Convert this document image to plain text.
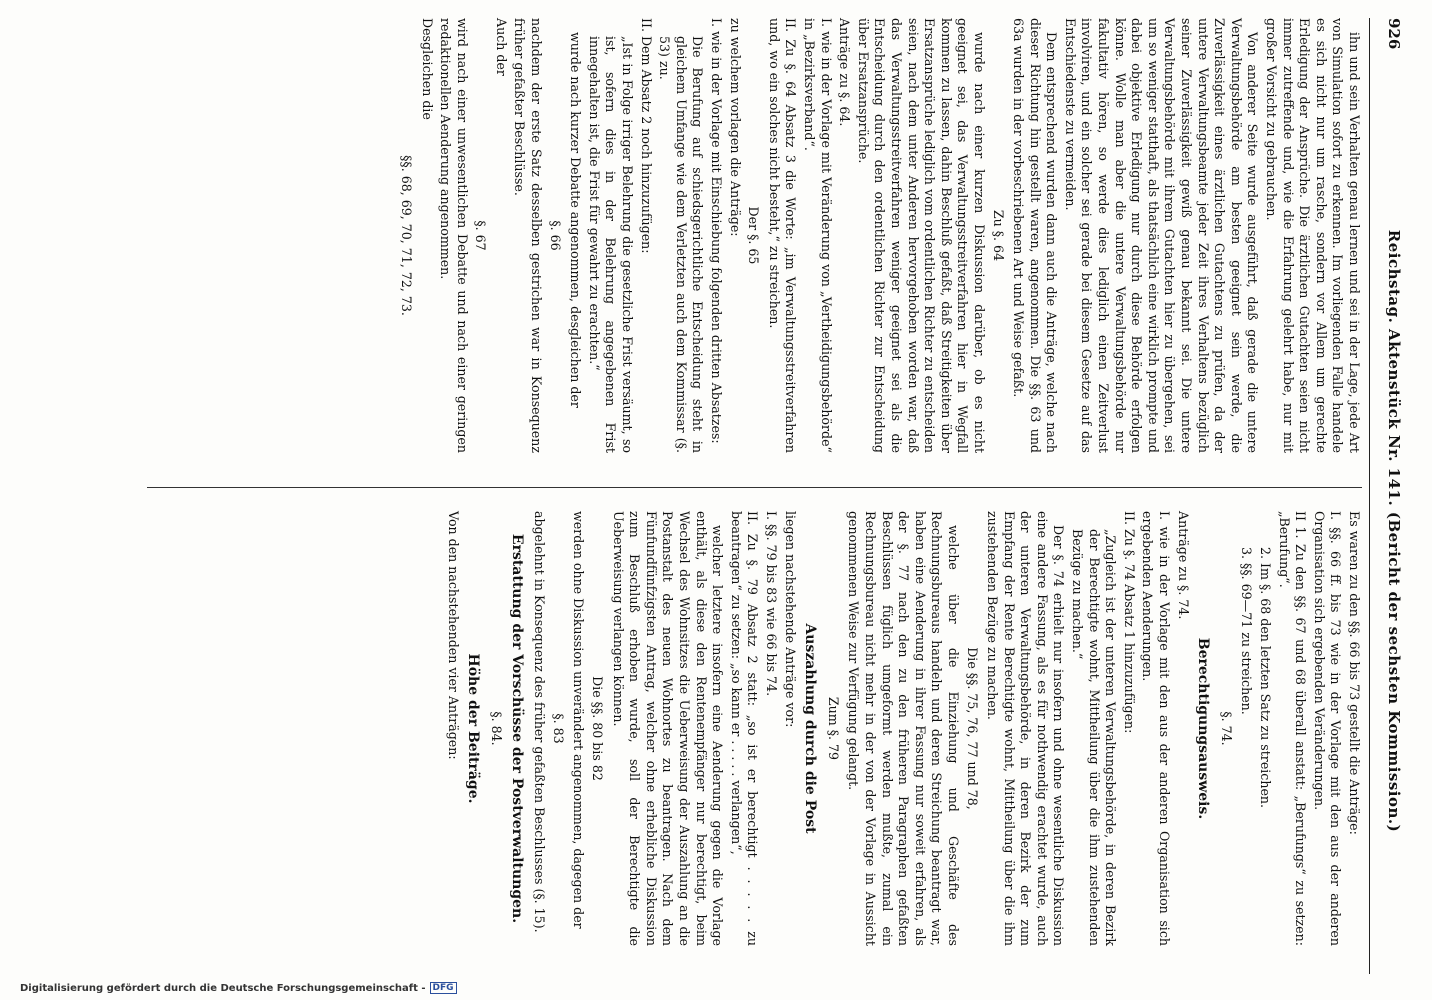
926
Reichstag. Aktenstück Nr. 141. (Bericht der sechsten Kommission.)

ihn und sein Verhalten genau lernen und sei in der Lage, jede Art von Simulation sofort zu erkennen. Im vorliegenden Falle handele es sich nicht nur um rasche, sondern vor Allem um gerechte Erledigung der Ansprüche. Die ärztlichen Gutachten seien nicht immer zutreffende und, wie die Erfahrung gelehrt habe, nur mit großer Vorsicht zu gebrauchen.

Von anderer Seite wurde ausgeführt, daß gerade die untere Verwaltungsbehörde am besten geeignet sein werde, die Zuverlässigkeit eines ärztlichen Gutachtens zu prüfen, da der untere Verwaltungsbeamte jeder Zeit ihres Verhaltens bezüglich seiner Zuverlässigkeit gewiß genau bekannt sei. Die untere Verwaltungsbehörde mit ihrem Gutachten hier zu übergehen, sei um so weniger statthaft, als thatsächlich eine wirklich prompte und dabei objektive Erledigung nur durch diese Behörde erfolgen könne. Wolle man aber die untere Verwaltungsbehörde nur fakultativ hören, so werde dies lediglich einen Zeitverlust involviren, und ein solcher sei gerade bei diesem Gesetze auf das Entschiedenste zu vermeiden.

Dem entsprechend wurden dann auch die Anträge, welche nach dieser Richtung hin gestellt waren, angenommen. Die §§. 63 und 63a wurden in der vorbeschriebenen Art und Weise gefaßt.

Zu §. 64

wurde nach einer kurzen Diskussion darüber, ob es nicht geeignet sei, das Verwaltungsstreitverfahren hier in Wegfall kommen zu lassen, dahin Beschluß gefaßt, daß Streitigkeiten über Ersatzansprüche lediglich vom ordentlichen Richter zu entscheiden seien, nach dem unter Anderen hervorgehoben worden war, daß das Verwaltungsstreitverfahren weniger geeignet sei als die Entscheidung durch den ordentlichen Richter zur Entscheidung über Ersatzansprüche.

Anträge zu §. 64.

I. wie in der Vorlage mit Veränderung von „Vertheidigungsbehörde“ in „Bezirksverband“.

II. Zu §. 64 Absatz 3 die Worte: „im Verwaltungsstreitverfahren und, wo ein solches nicht besteht,“ zu streichen.

Der §. 65

zu welchem vorlagen die Anträge:

I. wie in der Vorlage mit Einschiebung folgenden dritten Absatzes:

Die Berufung auf schiedsgerichtliche Entscheidung steht in gleichem Umfange wie dem Verletzten auch dem Kommissar (§. 53) zu.

II. Dem Absatz 2 noch hinzuzufügen:

„Ist in Folge irriger Belehrung die gesetzliche Frist versäumt, so ist, sofern dies in der Belehrung angegebenen Frist innegehalten ist, die Frist für gewahrt zu erachten.“

wurde nach kurzer Debatte angenommen, desgleichen der

§. 66

nachdem der erste Satz desselben gestrichen war in Konsequenz früher gefaßter Beschlüsse.

Auch der

§. 67

wird nach einer unwesentlichen Debatte und nach einer geringen redaktionellen Aenderung angenommen.

Desgleichen die

§§. 68, 69, 70, 71, 72, 73.

Es waren zu den §§. 66 bis 73 gestellt die Anträge:

I. §§. 66 ff. bis 73 wie in der Vorlage mit den aus der anderen Organisation sich ergebenden Veränderungen.

II 1. Zu den §§. 67 und 68 überall anstatt: „Berufungs“ zu setzen: „Berufung“.

2. Im §. 68 den letzten Satz zu streichen.

3. §§. 69—71 zu streichen.

§. 74.

Berechtigungsausweis.

Anträge zu §. 74.

I. wie in der Vorlage mit den aus der anderen Organisation sich ergebenden Aenderungen.

II. Zu §. 74 Absatz 1 hinzuzufügen:

„Zugleich ist der unteren Verwaltungsbehörde, in deren Bezirk der Berechtigte wohnt, Mittheilung über die ihm zustehenden Bezüge zu machen.“

Der §. 74 erhielt nur insofern und ohne wesentliche Diskussion eine andere Fassung, als es für nothwendig erachtet wurde, auch der unteren Verwaltungsbehörde, in deren Bezirk der zum Empfang der Rente Berechtigte wohnt, Mittheilung über die ihm zustehenden Bezüge zu machen.

Die §§. 75, 76, 77 und 78,

welche über die Einziehung und Geschäfte des Rechnungsbureaus handeln und deren Streichung beantragt war, haben eine Aenderung in ihrer Fassung nur soweit erfahren, als der §. 77 nach den zu den früheren Paragraphen gefaßten Beschlüssen füglich umgeformt werden mußte, zumal ein Rechnungsbureau nicht mehr in der von der Vorlage in Aussicht genommenen Weise zur Verfügung gelangt.

Zum §. 79

Auszahlung durch die Post

liegen nachstehende Anträge vor:

I. §§. 79 bis 83 wie 66 bis 74.

II. Zu §. 79 Absatz 2 statt: „so ist er berechtigt . . . . . zu beantragen“ zu setzen: „so kann er . . . . . verlangen“,

welcher letztere insofern eine Aenderung gegen die Vorlage enthält, als diese den Rentenempfänger nur berechtigt, beim Wechsel des Wohnsitzes die Ueberweisung der Auszahlung an die Postanstalt des neuen Wohnortes zu beantragen. Nach dem Fünfundfünfzigsten Antrag, welcher ohne erhebliche Diskussion zum Beschluß erhoben wurde, soll der Berechtigte die Ueberweisung verlangen können.

Die §§. 80 bis 82

werden ohne Diskussion unverändert angenommen, dagegen der

§. 83

abgelehnt in Konsequenz des früher gefaßten Beschlusses (§. 15).

Erstattung der Vorschüsse der Postverwaltungen.

§. 84.

Höhe der Beiträge.

Von den nachstehenden vier Anträgen:

Digitalisierung gefördert durch die Deutsche Forschungsgemeinschaft - DFG
